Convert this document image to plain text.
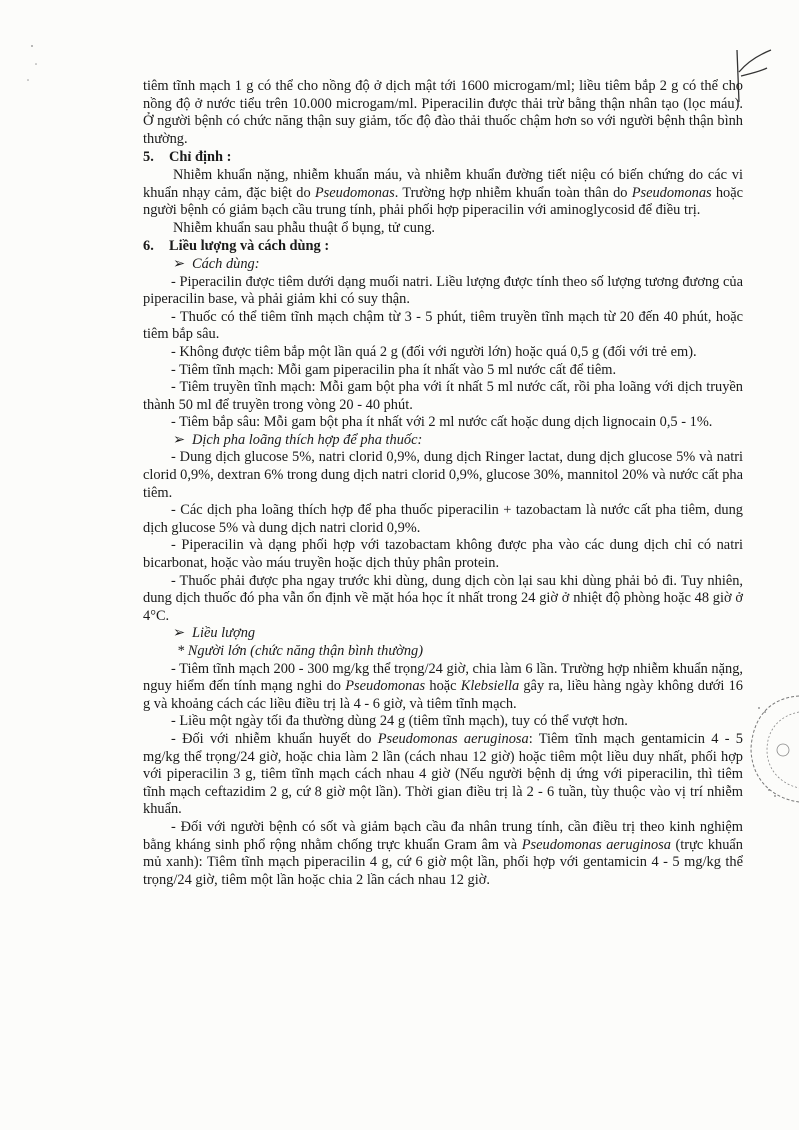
tiêm tĩnh mạch 1 g có thể cho nồng độ ở dịch mật tới 1600 microgam/ml; liều tiêm bắp 2 g có thể cho nồng độ ở nước tiểu trên 10.000 microgam/ml. Piperacilin được thải trừ bằng thận nhân tạo (lọc máu). Ở người bệnh có chức năng thận suy giảm, tốc độ đào thải thuốc chậm hơn so với người bệnh thận bình thường.

5. Chỉ định :

Nhiễm khuẩn nặng, nhiễm khuẩn máu, và nhiễm khuẩn đường tiết niệu có biến chứng do các vi khuẩn nhạy cảm, đặc biệt do Pseudomonas. Trường hợp nhiễm khuẩn toàn thân do Pseudomonas hoặc người bệnh có giảm bạch cầu trung tính, phải phối hợp piperacilin với aminoglycosid để điều trị.

Nhiễm khuẩn sau phẫu thuật ổ bụng, tử cung.

6. Liều lượng và cách dùng :

➢ Cách dùng:

- Piperacilin được tiêm dưới dạng muối natri. Liều lượng được tính theo số lượng tương đương của piperacilin base, và phải giảm khi có suy thận.

- Thuốc có thể tiêm tĩnh mạch chậm từ 3 - 5 phút, tiêm truyền tĩnh mạch từ 20 đến 40 phút, hoặc tiêm bắp sâu.

- Không được tiêm bắp một lần quá 2 g (đối với người lớn) hoặc quá 0,5 g (đối với trẻ em).

- Tiêm tĩnh mạch: Mỗi gam piperacilin pha ít nhất vào 5 ml nước cất để tiêm.

- Tiêm truyền tĩnh mạch: Mỗi gam bột pha với ít nhất 5 ml nước cất, rồi pha loãng với dịch truyền thành 50 ml để truyền trong vòng 20 - 40 phút.

- Tiêm bắp sâu: Mỗi gam bột pha ít nhất với 2 ml nước cất hoặc dung dịch lignocain 0,5 - 1%.

➢ Dịch pha loãng thích hợp để pha thuốc:

- Dung dịch glucose 5%, natri clorid 0,9%, dung dịch Ringer lactat, dung dịch glucose 5% và natri clorid 0,9%, dextran 6% trong dung dịch natri clorid 0,9%, glucose 30%, mannitol 20% và nước cất pha tiêm.

- Các dịch pha loãng thích hợp để pha thuốc piperacilin + tazobactam là nước cất pha tiêm, dung dịch glucose 5% và dung dịch natri clorid 0,9%.

- Piperacilin và dạng phối hợp với tazobactam không được pha vào các dung dịch chỉ có natri bicarbonat, hoặc vào máu truyền hoặc dịch thủy phân protein.

- Thuốc phải được pha ngay trước khi dùng, dung dịch còn lại sau khi dùng phải bỏ đi. Tuy nhiên, dung dịch thuốc đó pha vẫn ổn định về mặt hóa học ít nhất trong 24 giờ ở nhiệt độ phòng hoặc 48 giờ ở 4°C.

➢ Liều lượng

* Người lớn (chức năng thận bình thường)

- Tiêm tĩnh mạch 200 - 300 mg/kg thể trọng/24 giờ, chia làm 6 lần. Trường hợp nhiễm khuẩn nặng, nguy hiểm đến tính mạng nghi do Pseudomonas hoặc Klebsiella gây ra, liều hàng ngày không dưới 16 g và khoảng cách các liều điều trị là 4 - 6 giờ, và tiêm tĩnh mạch.

- Liều một ngày tối đa thường dùng 24 g (tiêm tĩnh mạch), tuy có thể vượt hơn.

- Đối với nhiễm khuẩn huyết do Pseudomonas aeruginosa: Tiêm tĩnh mạch gentamicin 4 - 5 mg/kg thể trọng/24 giờ, hoặc chia làm 2 lần (cách nhau 12 giờ) hoặc tiêm một liều duy nhất, phối hợp với piperacilin 3 g, tiêm tĩnh mạch cách nhau 4 giờ (Nếu người bệnh dị ứng với piperacilin, thì tiêm tĩnh mạch ceftazidim 2 g, cứ 8 giờ một lần). Thời gian điều trị là 2 - 6 tuần, tùy thuộc vào vị trí nhiễm khuẩn.

- Đối với người bệnh có sốt và giảm bạch cầu đa nhân trung tính, cần điều trị theo kinh nghiệm bằng kháng sinh phổ rộng nhằm chống trực khuẩn Gram âm và Pseudomonas aeruginosa (trực khuẩn mủ xanh): Tiêm tĩnh mạch piperacilin 4 g, cứ 6 giờ một lần, phối hợp với gentamicin 4 - 5 mg/kg thể trọng/24 giờ, tiêm một lần hoặc chia 2 lần cách nhau 12 giờ.
